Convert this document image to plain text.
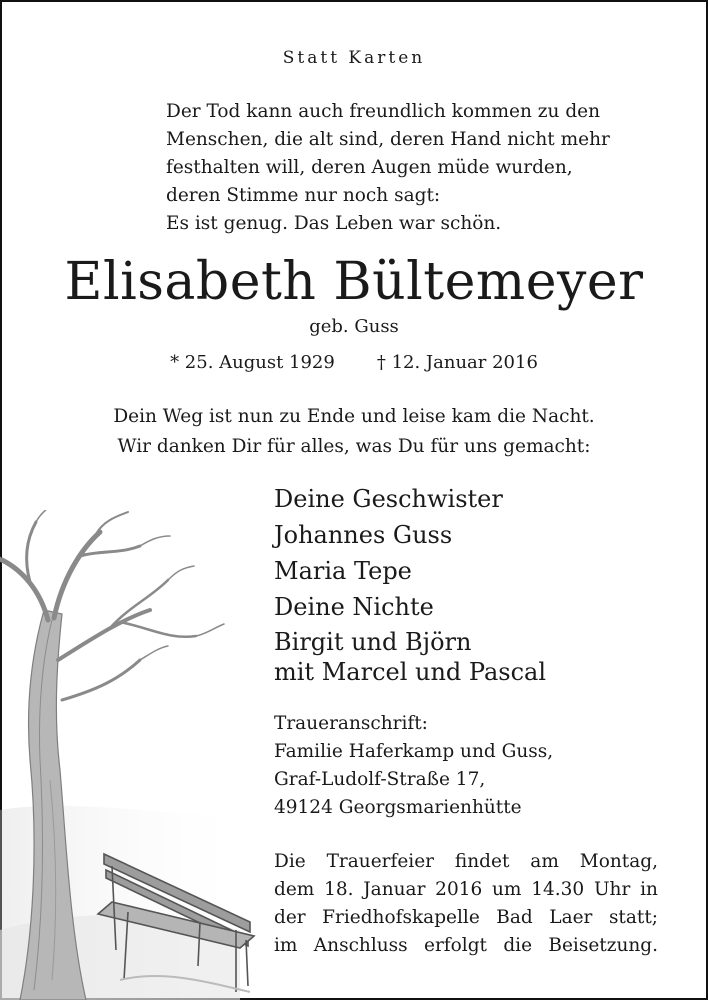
Statt Karten
Der Tod kann auch freundlich kommen zu den
Menschen, die alt sind, deren Hand nicht mehr
festhalten will, deren Augen müde wurden,
deren Stimme nur noch sagt:
Es ist genug. Das Leben war schön.
Elisabeth Bültemeyer
geb. Guss
* 25. August 1929 † 12. Januar 2016
Dein Weg ist nun zu Ende und leise kam die Nacht.
Wir danken Dir für alles, was Du für uns gemacht:
Deine Geschwister
Johannes Guss
Maria Tepe
Deine Nichte
Birgit und Björn
mit Marcel und Pascal
Traueranschrift:
Familie Haferkamp und Guss,
Graf-Ludolf-Straße 17,
49124 Georgsmarienhütte
Die Trauerfeier findet am Montag,
dem 18. Januar 2016 um 14.30 Uhr in
der Friedhofskapelle Bad Laer statt;
im Anschluss erfolgt die Beisetzung.
